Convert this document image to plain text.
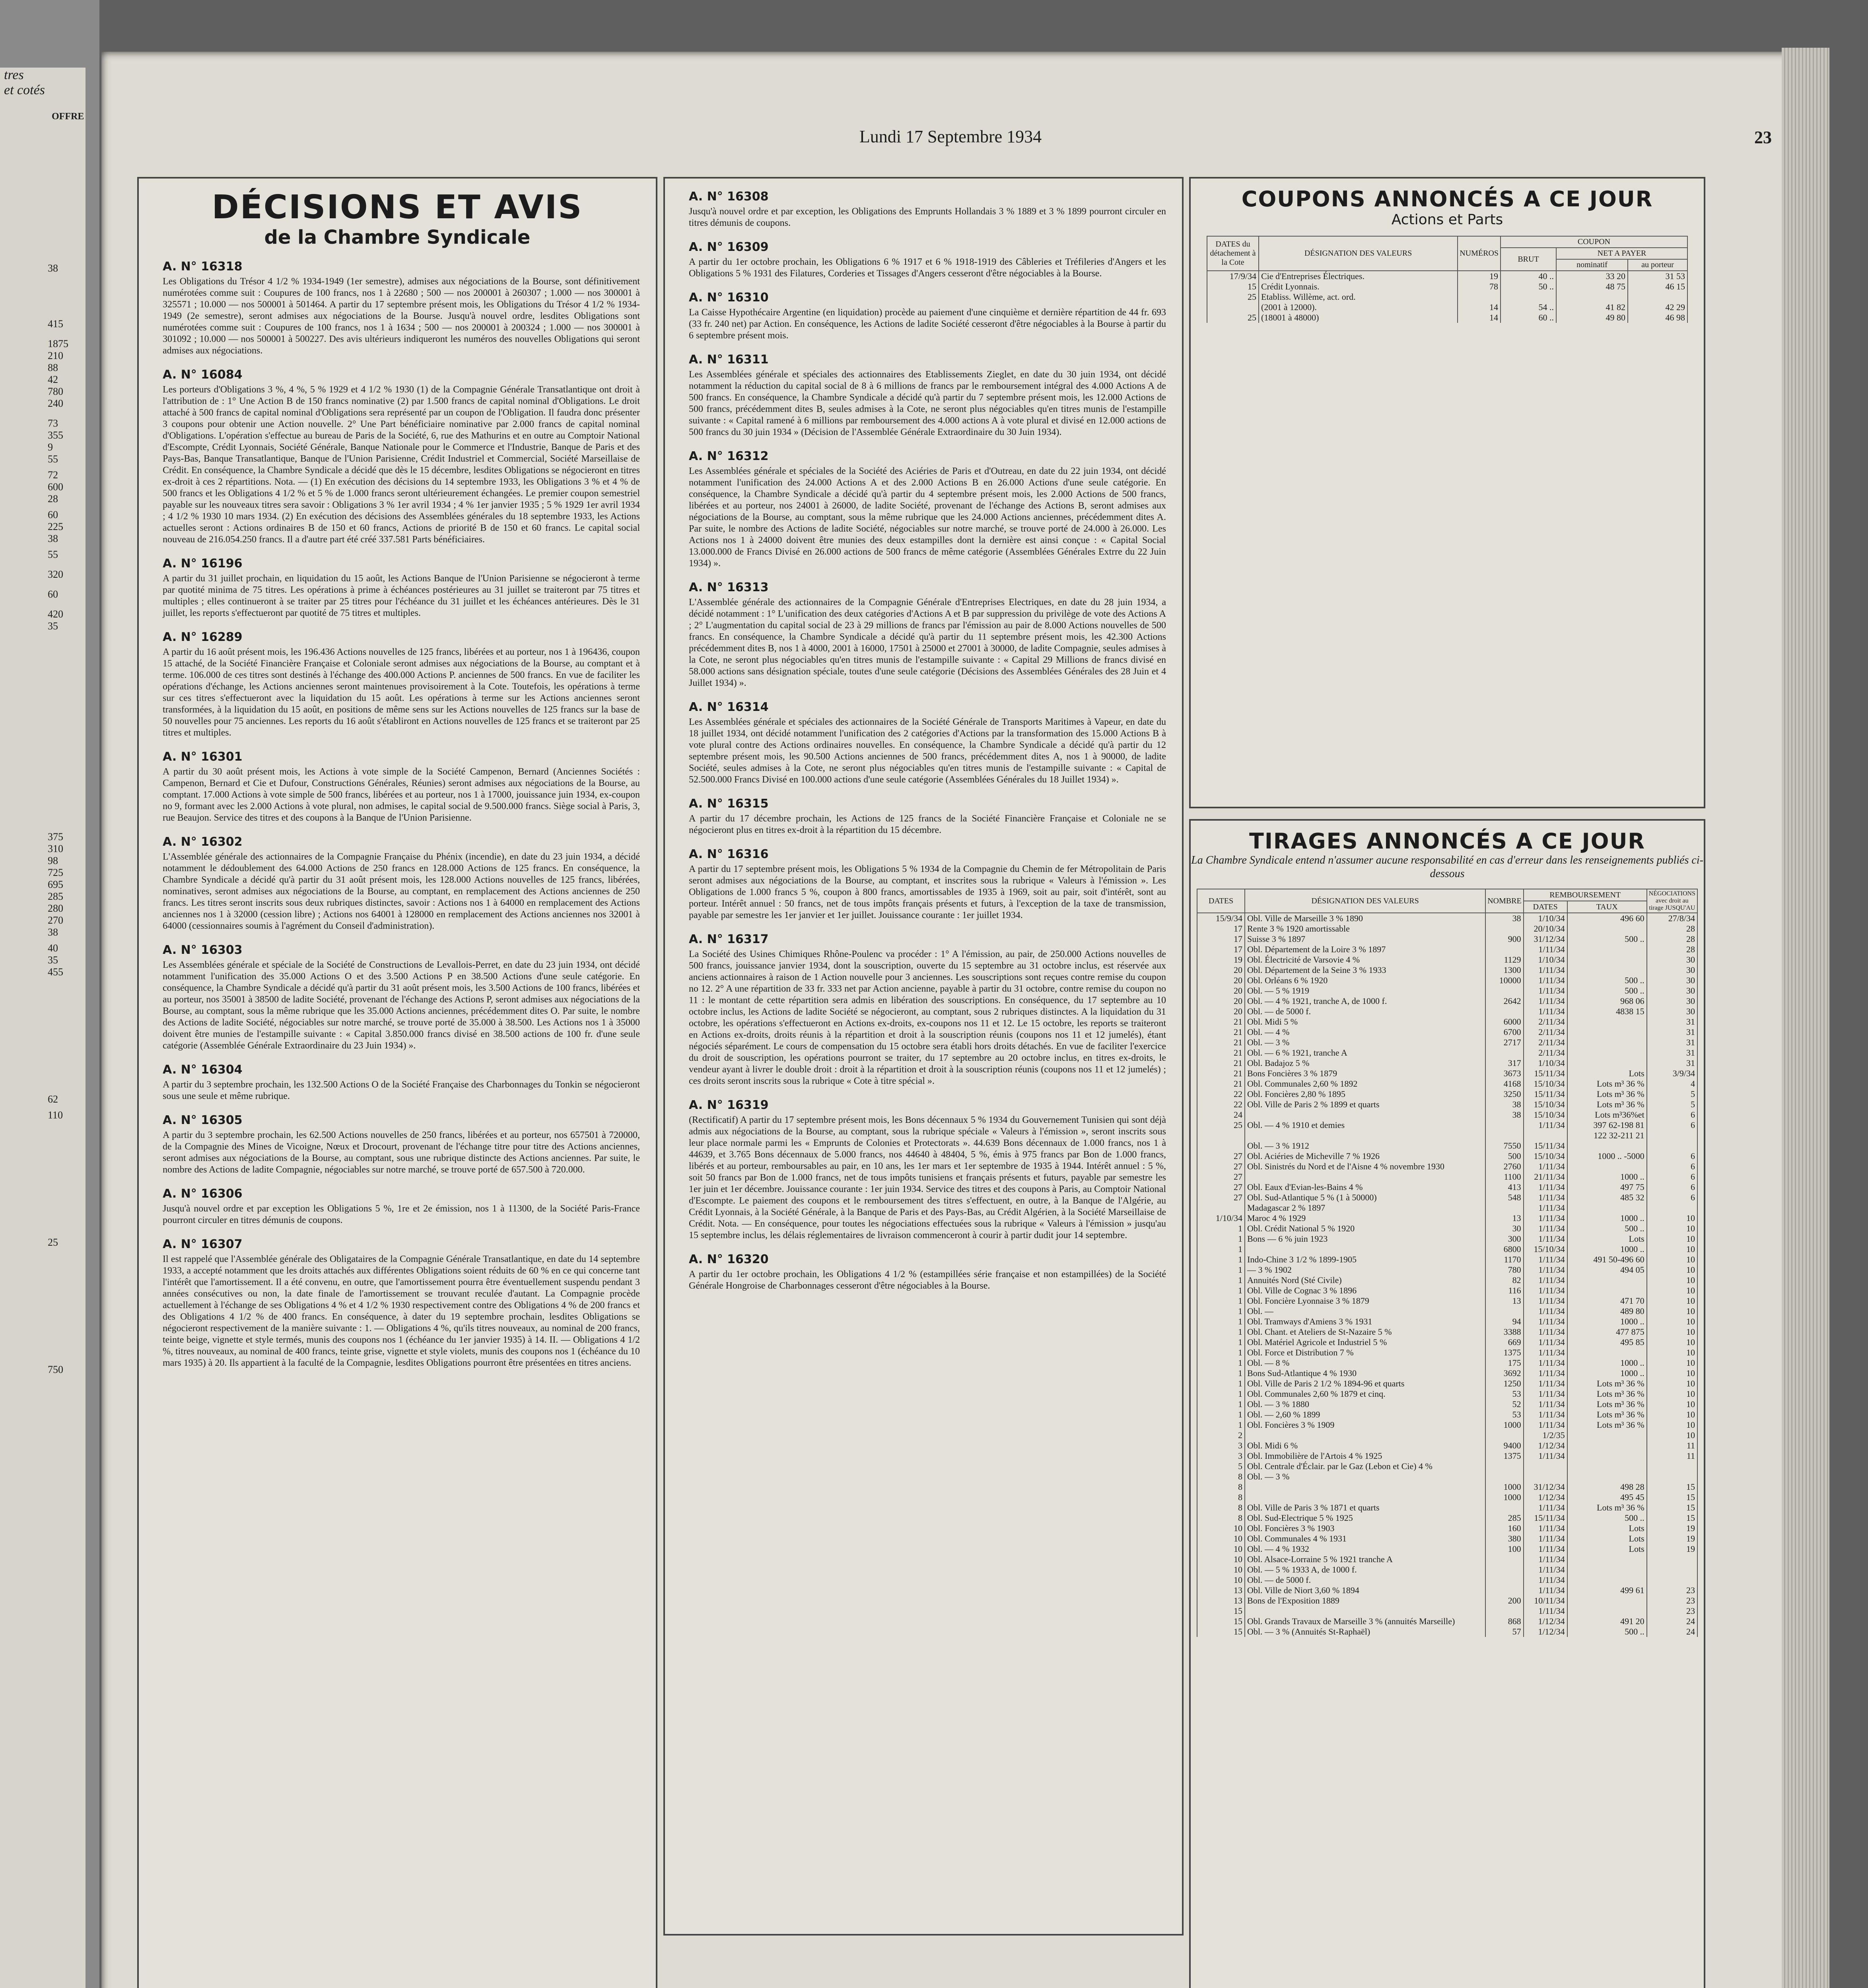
tres
et cotés
OFFRE
38
415
1875
210
88
42
780
240
73
355
9
55
72
600
28
60
225
38
55
320
60
420
35
375
310
98
725
695
285
280
270
38
40
35
455
62
110
25
750
Lundi 17 Septembre 1934	23
DÉCISIONS ET AVIS
de la Chambre Syndicale
A. N° 16318
Les Obligations du Trésor 4 1/2 % 1934-1949 (1er semestre), admises aux négociations de la Bourse, sont définitivement numérotées comme suit : Coupures de 100 francs, nos 1 à 22680 ; 500 — nos 200001 à 260307 ; 1.000 — nos 300001 à 325571 ; 10.000 — nos 500001 à 501464. A partir du 17 septembre présent mois, les Obligations du Trésor 4 1/2 % 1934-1949 (2e semestre), seront admises aux négociations de la Bourse. Jusqu'à nouvel ordre, lesdites Obligations sont numérotées comme suit : Coupures de 100 francs, nos 1 à 1634 ; 500 — nos 200001 à 200324 ; 1.000 — nos 300001 à 301092 ; 10.000 — nos 500001 à 500227. Des avis ultérieurs indiqueront les numéros des nouvelles Obligations qui seront admises aux négociations.
A. N° 16084
Les porteurs d'Obligations 3 %, 4 %, 5 % 1929 et 4 1/2 % 1930 (1) de la Compagnie Générale Transatlantique ont droit à l'attribution de : 1° Une Action B de 150 francs nominative (2) par 1.500 francs de capital nominal d'Obligations. Le droit attaché à 500 francs de capital nominal d'Obligations sera représenté par un coupon de l'Obligation. Il faudra donc présenter 3 coupons pour obtenir une Action nouvelle. 2° Une Part bénéficiaire nominative par 2.000 francs de capital nominal d'Obligations. L'opération s'effectue au bureau de Paris de la Société, 6, rue des Mathurins et en outre au Comptoir National d'Escompte, Crédit Lyonnais, Société Générale, Banque Nationale pour le Commerce et l'Industrie, Banque de Paris et des Pays-Bas, Banque Transatlantique, Banque de l'Union Parisienne, Crédit Industriel et Commercial, Société Marseillaise de Crédit. En conséquence, la Chambre Syndicale a décidé que dès le 15 décembre, lesdites Obligations se négocieront en titres ex-droit à ces 2 répartitions. Nota. — (1) En exécution des décisions du 14 septembre 1933, les Obligations 3 % et 4 % de 500 francs et les Obligations 4 1/2 % et 5 % de 1.000 francs seront ultérieurement échangées. Le premier coupon semestriel payable sur les nouveaux titres sera savoir : Obligations 3 % 1er avril 1934 ; 4 % 1er janvier 1935 ; 5 % 1929 1er avril 1934 ; 4 1/2 % 1930 10 mars 1934. (2) En exécution des décisions des Assemblées générales du 18 septembre 1933, les Actions actuelles seront : Actions ordinaires B de 150 et 60 francs, Actions de priorité B de 150 et 60 francs. Le capital social nouveau de 216.054.250 francs. Il a d'autre part été créé 337.581 Parts bénéficiaires.
A. N° 16196
A partir du 31 juillet prochain, en liquidation du 15 août, les Actions Banque de l'Union Parisienne se négocieront à terme par quotité minima de 75 titres. Les opérations à prime à échéances postérieures au 31 juillet se traiteront par 75 titres et multiples ; elles continueront à se traiter par 25 titres pour l'échéance du 31 juillet et les échéances antérieures. Dès le 31 juillet, les reports s'effectueront par quotité de 75 titres et multiples.
A. N° 16289
A partir du 16 août présent mois, les 196.436 Actions nouvelles de 125 francs, libérées et au porteur, nos 1 à 196436, coupon 15 attaché, de la Société Financière Française et Coloniale seront admises aux négociations de la Bourse, au comptant et à terme. 106.000 de ces titres sont destinés à l'échange des 400.000 Actions P. anciennes de 500 francs. En vue de faciliter les opérations d'échange, les Actions anciennes seront maintenues provisoirement à la Cote. Toutefois, les opérations à terme sur ces titres s'effectueront avec la liquidation du 15 août. Les opérations à terme sur les Actions anciennes seront transformées, à la liquidation du 15 août, en positions de même sens sur les Actions nouvelles de 125 francs sur la base de 50 nouvelles pour 75 anciennes. Les reports du 16 août s'établiront en Actions nouvelles de 125 francs et se traiteront par 25 titres et multiples.
A. N° 16301
A partir du 30 août présent mois, les Actions à vote simple de la Société Campenon, Bernard (Anciennes Sociétés : Campenon, Bernard et Cie et Dufour, Constructions Générales, Réunies) seront admises aux négociations de la Bourse, au comptant. 17.000 Actions à vote simple de 500 francs, libérées et au porteur, nos 1 à 17000, jouissance juin 1934, ex-coupon no 9, formant avec les 2.000 Actions à vote plural, non admises, le capital social de 9.500.000 francs. Siège social à Paris, 3, rue Beaujon. Service des titres et des coupons à la Banque de l'Union Parisienne.
A. N° 16302
L'Assemblée générale des actionnaires de la Compagnie Française du Phénix (incendie), en date du 23 juin 1934, a décidé notamment le dédoublement des 64.000 Actions de 250 francs en 128.000 Actions de 125 francs. En conséquence, la Chambre Syndicale a décidé qu'à partir du 31 août présent mois, les 128.000 Actions nouvelles de 125 francs, libérées, nominatives, seront admises aux négociations de la Bourse, au comptant, en remplacement des Actions anciennes de 250 francs. Les titres seront inscrits sous deux rubriques distinctes, savoir : Actions nos 1 à 64000 en remplacement des Actions anciennes nos 1 à 32000 (cession libre) ; Actions nos 64001 à 128000 en remplacement des Actions anciennes nos 32001 à 64000 (cessionnaires soumis à l'agrément du Conseil d'administration).
A. N° 16303
Les Assemblées générale et spéciale de la Société de Constructions de Levallois-Perret, en date du 23 juin 1934, ont décidé notamment l'unification des 35.000 Actions O et des 3.500 Actions P en 38.500 Actions d'une seule catégorie. En conséquence, la Chambre Syndicale a décidé qu'à partir du 31 août présent mois, les 3.500 Actions de 100 francs, libérées et au porteur, nos 35001 à 38500 de ladite Société, provenant de l'échange des Actions P, seront admises aux négociations de la Bourse, au comptant, sous la même rubrique que les 35.000 Actions anciennes, précédemment dites O. Par suite, le nombre des Actions de ladite Société, négociables sur notre marché, se trouve porté de 35.000 à 38.500. Les Actions nos 1 à 35000 doivent être munies de l'estampille suivante : « Capital 3.850.000 francs divisé en 38.500 actions de 100 fr. d'une seule catégorie (Assemblée Générale Extraordinaire du 23 Juin 1934) ».
A. N° 16304
A partir du 3 septembre prochain, les 132.500 Actions O de la Société Française des Charbonnages du Tonkin se négocieront sous une seule et même rubrique.
A. N° 16305
A partir du 3 septembre prochain, les 62.500 Actions nouvelles de 250 francs, libérées et au porteur, nos 657501 à 720000, de la Compagnie des Mines de Vicoigne, Nœux et Drocourt, provenant de l'échange titre pour titre des Actions anciennes, seront admises aux négociations de la Bourse, au comptant, sous une rubrique distincte des Actions anciennes. Par suite, le nombre des Actions de ladite Compagnie, négociables sur notre marché, se trouve porté de 657.500 à 720.000.
A. N° 16306
Jusqu'à nouvel ordre et par exception les Obligations 5 %, 1re et 2e émission, nos 1 à 11300, de la Société Paris-France pourront circuler en titres démunis de coupons.
A. N° 16307
Il est rappelé que l'Assemblée générale des Obligataires de la Compagnie Générale Transatlantique, en date du 14 septembre 1933, a accepté notamment que les droits attachés aux différentes Obligations soient réduits de 60 % en ce qui concerne tant l'intérêt que l'amortissement. Il a été convenu, en outre, que l'amortissement pourra être éventuellement suspendu pendant 3 années consécutives ou non, la date finale de l'amortissement se trouvant reculée d'autant. La Compagnie procède actuellement à l'échange de ses Obligations 4 % et 4 1/2 % 1930 respectivement contre des Obligations 4 % de 200 francs et des Obligations 4 1/2 % de 400 francs. En conséquence, à dater du 19 septembre prochain, lesdites Obligations se négocieront respectivement de la manière suivante : 1. — Obligations 4 %, qu'ils titres nouveaux, au nominal de 200 francs, teinte beige, vignette et style termés, munis des coupons nos 1 (échéance du 1er janvier 1935) à 14. II. — Obligations 4 1/2 %, titres nouveaux, au nominal de 400 francs, teinte grise, vignette et style violets, munis des coupons nos 1 (échéance du 10 mars 1935) à 20. Ils appartient à la faculté de la Compagnie, lesdites Obligations pourront être présentées en titres anciens.
A. N° 16308
Jusqu'à nouvel ordre et par exception, les Obligations des Emprunts Hollandais 3 % 1889 et 3 % 1899 pourront circuler en titres démunis de coupons.
A. N° 16309
A partir du 1er octobre prochain, les Obligations 6 % 1917 et 6 % 1918-1919 des Câbleries et Tréfileries d'Angers et les Obligations 5 % 1931 des Filatures, Corderies et Tissages d'Angers cesseront d'être négociables à la Bourse.
A. N° 16310
La Caisse Hypothécaire Argentine (en liquidation) procède au paiement d'une cinquième et dernière répartition de 44 fr. 693 (33 fr. 240 net) par Action. En conséquence, les Actions de ladite Société cesseront d'être négociables à la Bourse à partir du 6 septembre présent mois.
A. N° 16311
Les Assemblées générale et spéciales des actionnaires des Etablissements Zieglet, en date du 30 juin 1934, ont décidé notamment la réduction du capital social de 8 à 6 millions de francs par le remboursement intégral des 4.000 Actions A de 500 francs. En conséquence, la Chambre Syndicale a décidé qu'à partir du 7 septembre présent mois, les 12.000 Actions de 500 francs, précédemment dites B, seules admises à la Cote, ne seront plus négociables qu'en titres munis de l'estampille suivante : « Capital ramené à 6 millions par remboursement des 4.000 actions A à vote plural et divisé en 12.000 actions de 500 francs du 30 juin 1934 » (Décision de l'Assemblée Générale Extraordinaire du 30 Juin 1934).
A. N° 16312
Les Assemblées générale et spéciales de la Société des Aciéries de Paris et d'Outreau, en date du 22 juin 1934, ont décidé notamment l'unification des 24.000 Actions A et des 2.000 Actions B en 26.000 Actions d'une seule catégorie. En conséquence, la Chambre Syndicale a décidé qu'à partir du 4 septembre présent mois, les 2.000 Actions de 500 francs, libérées et au porteur, nos 24001 à 26000, de ladite Société, provenant de l'échange des Actions B, seront admises aux négociations de la Bourse, au comptant, sous la même rubrique que les 24.000 Actions anciennes, précédemment dites A. Par suite, le nombre des Actions de ladite Société, négociables sur notre marché, se trouve porté de 24.000 à 26.000. Les Actions nos 1 à 24000 doivent être munies des deux estampilles dont la dernière est ainsi conçue : « Capital Social 13.000.000 de Francs Divisé en 26.000 actions de 500 francs de même catégorie (Assemblées Générales Extrre du 22 Juin 1934) ».
A. N° 16313
L'Assemblée générale des actionnaires de la Compagnie Générale d'Entreprises Electriques, en date du 28 juin 1934, a décidé notamment : 1° L'unification des deux catégories d'Actions A et B par suppression du privilège de vote des Actions A ; 2° L'augmentation du capital social de 23 à 29 millions de francs par l'émission au pair de 8.000 Actions nouvelles de 500 francs. En conséquence, la Chambre Syndicale a décidé qu'à partir du 11 septembre présent mois, les 42.300 Actions précédemment dites B, nos 1 à 4000, 2001 à 16000, 17501 à 25000 et 27001 à 30000, de ladite Compagnie, seules admises à la Cote, ne seront plus négociables qu'en titres munis de l'estampille suivante : « Capital 29 Millions de francs divisé en 58.000 actions sans désignation spéciale, toutes d'une seule catégorie (Décisions des Assemblées Générales des 28 Juin et 4 Juillet 1934) ».
A. N° 16314
Les Assemblées générale et spéciales des actionnaires de la Société Générale de Transports Maritimes à Vapeur, en date du 18 juillet 1934, ont décidé notamment l'unification des 2 catégories d'Actions par la transformation des 15.000 Actions B à vote plural contre des Actions ordinaires nouvelles. En conséquence, la Chambre Syndicale a décidé qu'à partir du 12 septembre présent mois, les 90.500 Actions anciennes de 500 francs, précédemment dites A, nos 1 à 90000, de ladite Société, seules admises à la Cote, ne seront plus négociables qu'en titres munis de l'estampille suivante : « Capital de 52.500.000 Francs Divisé en 100.000 actions d'une seule catégorie (Assemblées Générales du 18 Juillet 1934) ».
A. N° 16315
A partir du 17 décembre prochain, les Actions de 125 francs de la Société Financière Française et Coloniale ne se négocieront plus en titres ex-droit à la répartition du 15 décembre.
A. N° 16316
A partir du 17 septembre présent mois, les Obligations 5 % 1934 de la Compagnie du Chemin de fer Métropolitain de Paris seront admises aux négociations de la Bourse, au comptant, et inscrites sous la rubrique « Valeurs à l'émission ». Les Obligations de 1.000 francs 5 %, coupon à 800 francs, amortissables de 1935 à 1969, soit au pair, soit d'intérêt, sont au porteur. Intérêt annuel : 50 francs, net de tous impôts français présents et futurs, à l'exception de la taxe de transmission, payable par semestre les 1er janvier et 1er juillet. Jouissance courante : 1er juillet 1934.
A. N° 16317
La Société des Usines Chimiques Rhône-Poulenc va procéder : 1° A l'émission, au pair, de 250.000 Actions nouvelles de 500 francs, jouissance janvier 1934, dont la souscription, ouverte du 15 septembre au 31 octobre inclus, est réservée aux anciens actionnaires à raison de 1 Action nouvelle pour 3 anciennes. Les souscriptions sont reçues contre remise du coupon no 12. 2° A une répartition de 33 fr. 333 net par Action ancienne, payable à partir du 31 octobre, contre remise du coupon no 11 : le montant de cette répartition sera admis en libération des souscriptions. En conséquence, du 17 septembre au 10 octobre inclus, les Actions de ladite Société se négocieront, au comptant, sous 2 rubriques distinctes. A la liquidation du 31 octobre, les opérations s'effectueront en Actions ex-droits, ex-coupons nos 11 et 12. Le 15 octobre, les reports se traiteront en Actions ex-droits, droits réunis à la répartition et droit à la souscription réunis (coupons nos 11 et 12 jumelés), étant négociés séparément. Le cours de compensation du 15 octobre sera établi hors droits détachés. En vue de faciliter l'exercice du droit de souscription, les opérations pourront se traiter, du 17 septembre au 20 octobre inclus, en titres ex-droits, le vendeur ayant à livrer le double droit : droit à la répartition et droit à la souscription réunis (coupons nos 11 et 12 jumelés) ; ces droits seront inscrits sous la rubrique « Cote à titre spécial ».
A. N° 16319
(Rectificatif) A partir du 17 septembre présent mois, les Bons décennaux 5 % 1934 du Gouvernement Tunisien qui sont déjà admis aux négociations de la Bourse, au comptant, sous la rubrique spéciale « Valeurs à l'émission », seront inscrits sous leur place normale parmi les « Emprunts de Colonies et Protectorats ». 44.639 Bons décennaux de 1.000 francs, nos 1 à 44639, et 3.765 Bons décennaux de 5.000 francs, nos 44640 à 48404, 5 %, émis à 975 francs par Bon de 1.000 francs, libérés et au porteur, remboursables au pair, en 10 ans, les 1er mars et 1er septembre de 1935 à 1944. Intérêt annuel : 5 %, soit 50 francs par Bon de 1.000 francs, net de tous impôts tunisiens et français présents et futurs, payable par semestre les 1er juin et 1er décembre. Jouissance courante : 1er juin 1934. Service des titres et des coupons à Paris, au Comptoir National d'Escompte. Le paiement des coupons et le remboursement des titres s'effectuent, en outre, à la Banque de l'Algérie, au Crédit Lyonnais, à la Société Générale, à la Banque de Paris et des Pays-Bas, au Crédit Algérien, à la Société Marseillaise de Crédit. Nota. — En conséquence, pour toutes les négociations effectuées sous la rubrique « Valeurs à l'émission » jusqu'au 15 septembre inclus, les délais réglementaires de livraison commenceront à courir à partir dudit jour 14 septembre.
A. N° 16320
A partir du 1er octobre prochain, les Obligations 4 1/2 % (estampillées série française et non estampillées) de la Société Générale Hongroise de Charbonnages cesseront d'être négociables à la Bourse.
COUPONS ANNONCÉS A CE JOUR
Actions et Parts
DATES du détachement à la Cote	DÉSIGNATION DES VALEURS	NUMÉROS	COUPON		
			BRUT	NET A PAYER	
				nominatif	au porteur
17/9/34	Cie d'Entreprises Électriques.	19	40 ..	33 20	31 53
15	Crédit Lyonnais.	78	50 ..	48 75	46 15
25	Etabliss. Willème, act. ord.				
	(2001 à 12000).	14	54 ..	41 82	42 29
25	(18001 à 48000)	14	60 ..	49 80	46 98
TIRAGES ANNONCÉS A CE JOUR
La Chambre Syndicale entend n'assumer aucune responsabilité en cas d'erreur dans les renseignements publiés ci-dessous
DATES	DÉSIGNATION DES VALEURS	NOMBRE	REMBOURSEMENT		NÉGOCIATIONS avec droit au tirage JUSQU'AU
			DATES	TAUX	
15/9/34	Obl. Ville de Marseille 3 % 1890	38	1/10/34	496 60	27/8/34
17	Rente 3 % 1920 amortissable		20/10/34		28
17	Suisse 3 % 1897	900	31/12/34	500 ..	28
17	Obl. Département de la Loire 3 % 1897		1/11/34		28
19	Obl. Électricité de Varsovie 4 %	1129	1/10/34		30
20	Obl. Département de la Seine 3 % 1933	1300	1/11/34		30
20	Obl. Orléans 6 % 1920	10000	1/11/34	500 ..	30
20	Obl. — 5 % 1919		1/11/34	500 ..	30
20	Obl. — 4 % 1921, tranche A, de 1000 f.	2642	1/11/34	968 06	30
20	Obl. — de 5000 f.		1/11/34	4838 15	30
21	Obl. Midi 5 %	6000	2/11/34		31
21	Obl. — 4 %	6700	2/11/34		31
21	Obl. — 3 %	2717	2/11/34		31
21	Obl. — 6 % 1921, tranche A		2/11/34		31
21	Obl. Badajoz 5 %	317	1/10/34		31
21	Bons Foncières 3 % 1879	3673	15/11/34	Lots	3/9/34
21	Obl. Communales 2,60 % 1892	4168	15/10/34	Lots m³ 36 %	4
22	Obl. Foncières 2,80 % 1895	3250	15/11/34	Lots m³ 36 %	5
22	Obl. Ville de Paris 2 % 1899 et quarts	38	15/10/34	Lots m³ 36 %	5
24		38	15/10/34	Lots m³36%et	6
25	Obl. — 4 % 1910 et demies		1/11/34	397 62-198 81	6
				122 32-211 21	
	Obl. — 3 % 1912	7550	15/11/34		
27	Obl. Aciéries de Micheville 7 % 1926	500	15/10/34	1000 .. -5000	6
27	Obl. Sinistrés du Nord et de l'Aisne 4 % novembre 1930	2760	1/11/34		6
27		1100	21/11/34	1000 ..	6
27	Obl. Eaux d'Evian-les-Bains 4 %	413	1/11/34	497 75	6
27	Obl. Sud-Atlantique 5 % (1 à 50000)	548	1/11/34	485 32	6
	Madagascar 2 % 1897		1/11/34		
1/10/34	Maroc 4 % 1929	13	1/11/34	1000 ..	10
1	Obl. Crédit National 5 % 1920	30	1/11/34	500 ..	10
1	Bons — 6 % juin 1923	300	1/11/34	Lots	10
1		6800	15/10/34	1000 ..	10
1	Indo-Chine 3 1/2 % 1899-1905	1170	1/11/34	491 50-496 60	10
1	— 3 % 1902	780	1/11/34	494 05	10
1	Annuités Nord (Sté Civile)	82	1/11/34		10
1	Obl. Ville de Cognac 3 % 1896	116	1/11/34		10
1	Obl. Foncière Lyonnaise 3 % 1879	13	1/11/34	471 70	10
1	Obl. —		1/11/34	489 80	10
1	Obl. Tramways d'Amiens 3 % 1931	94	1/11/34	1000 ..	10
1	Obl. Chant. et Ateliers de St-Nazaire 5 %	3388	1/11/34	477 875	10
1	Obl. Matériel Agricole et Industriel 5 %	669	1/11/34	495 85	10
1	Obl. Force et Distribution 7 %	1375	1/11/34		10
1	Obl. — 8 %	175	1/11/34	1000 ..	10
1	Bons Sud-Atlantique 4 % 1930	3692	1/11/34	1000 ..	10
1	Obl. Ville de Paris 2 1/2 % 1894-96 et quarts	1250	1/11/34	Lots m³ 36 %	10
1	Obl. Communales 2,60 % 1879 et cinq.	53	1/11/34	Lots m³ 36 %	10
1	Obl. — 3 % 1880	52	1/11/34	Lots m³ 36 %	10
1	Obl. — 2,60 % 1899	53	1/11/34	Lots m³ 36 %	10
1	Obl. Foncières 3 % 1909	1000	1/11/34	Lots m³ 36 %	10
2			1/2/35		10
3	Obl. Midi 6 %	9400	1/12/34		11
3	Obl. Immobilière de l'Artois 4 % 1925	1375	1/11/34		11
5	Obl. Centrale d'Éclair. par le Gaz (Lebon et Cie) 4 %				
8	Obl. — 3 %				
8		1000	31/12/34	498 28	15
8		1000	1/12/34	495 45	15
8	Obl. Ville de Paris 3 % 1871 et quarts		1/11/34	Lots m³ 36 %	15
8	Obl. Sud-Electrique 5 % 1925	285	15/11/34	500 ..	15
10	Obl. Foncières 3 % 1903	160	1/11/34	Lots	19
10	Obl. Communales 4 % 1931	380	1/11/34	Lots	19
10	Obl. — 4 % 1932	100	1/11/34	Lots	19
10	Obl. Alsace-Lorraine 5 % 1921 tranche A		1/11/34		
10	Obl. — 5 % 1933 A, de 1000 f.		1/11/34		
10	Obl. — de 5000 f.		1/11/34		
13	Obl. Ville de Niort 3,60 % 1894		1/11/34	499 61	23
13	Bons de l'Exposition 1889	200	10/11/34		23
15			1/11/34		23
15	Obl. Grands Travaux de Marseille 3 % (annuités Marseille)	868	1/12/34	491 20	24
15	Obl. — 3 % (Annuités St-Raphaël)	57	1/12/34	500 ..	24
